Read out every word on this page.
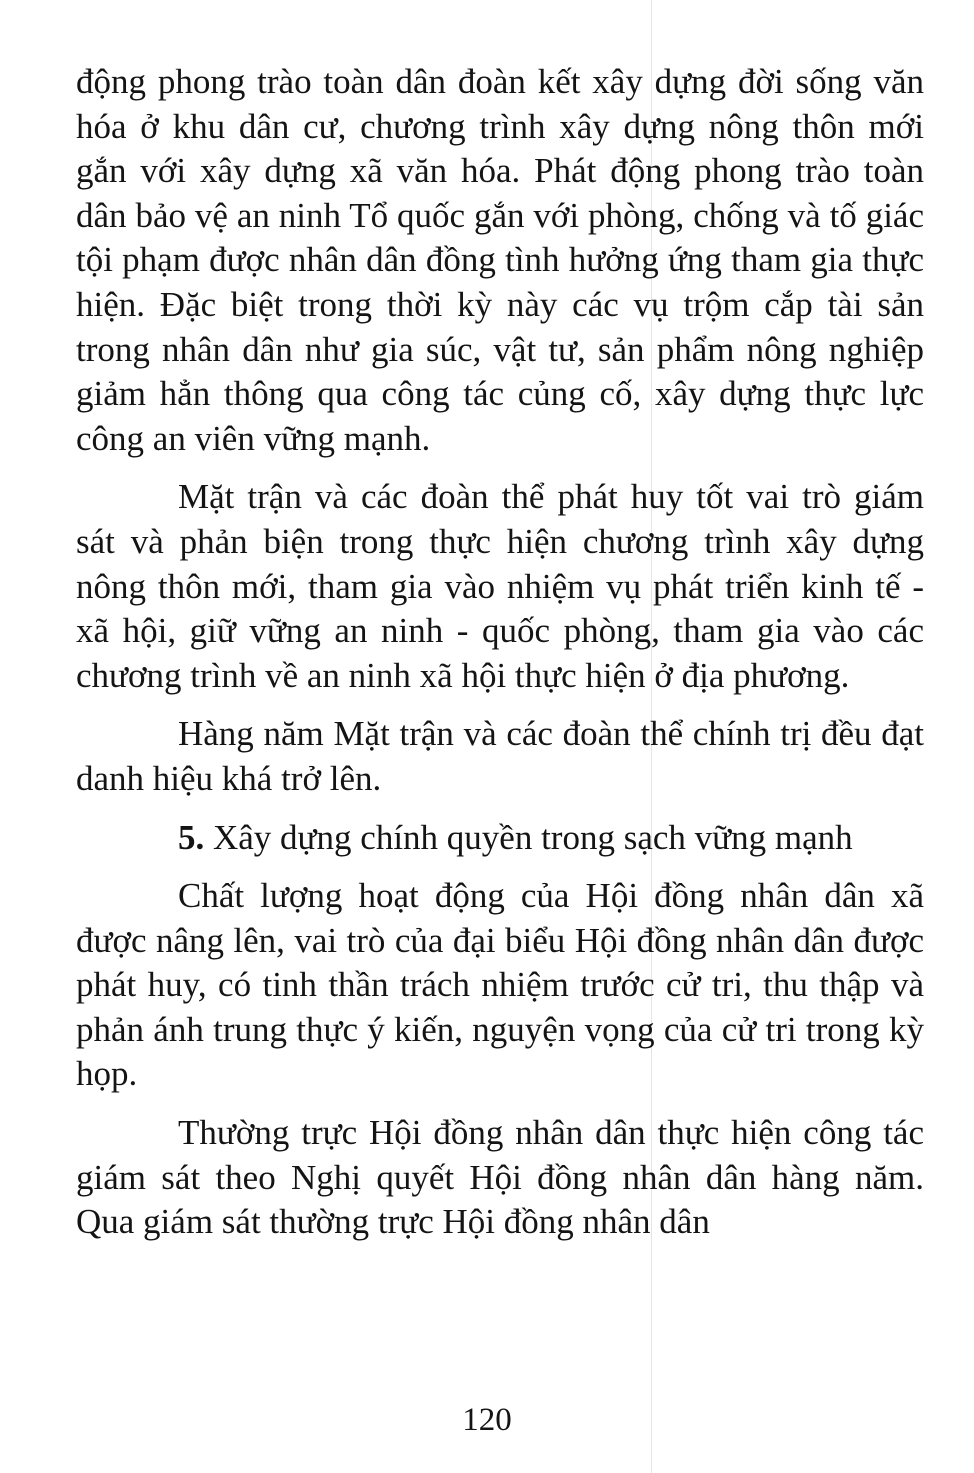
động phong trào toàn dân đoàn kết xây dựng đời sống văn hóa ở khu dân cư, chương trình xây dựng nông thôn mới gắn với xây dựng xã văn hóa. Phát động phong trào toàn dân bảo vệ an ninh Tổ quốc gắn với phòng, chống và tố giác tội phạm được nhân dân đồng tình hưởng ứng tham gia thực hiện. Đặc biệt trong thời kỳ này các vụ trộm cắp tài sản trong nhân dân như gia súc, vật tư, sản phẩm nông nghiệp giảm hẳn thông qua công tác củng cố, xây dựng thực lực công an viên vững mạnh.

Mặt trận và các đoàn thể phát huy tốt vai trò giám sát và phản biện trong thực hiện chương trình xây dựng nông thôn mới, tham gia vào nhiệm vụ phát triển kinh tế - xã hội, giữ vững an ninh - quốc phòng, tham gia vào các chương trình về an ninh xã hội thực hiện ở địa phương.

Hàng năm Mặt trận và các đoàn thể chính trị đều đạt danh hiệu khá trở lên.

5. Xây dựng chính quyền trong sạch vững mạnh

Chất lượng hoạt động của Hội đồng nhân dân xã được nâng lên, vai trò của đại biểu Hội đồng nhân dân được phát huy, có tinh thần trách nhiệm trước cử tri, thu thập và phản ánh trung thực ý kiến, nguyện vọng của cử tri trong kỳ họp.

Thường trực Hội đồng nhân dân thực hiện công tác giám sát theo Nghị quyết Hội đồng nhân dân hàng năm. Qua giám sát thường trực Hội đồng nhân dân

120
